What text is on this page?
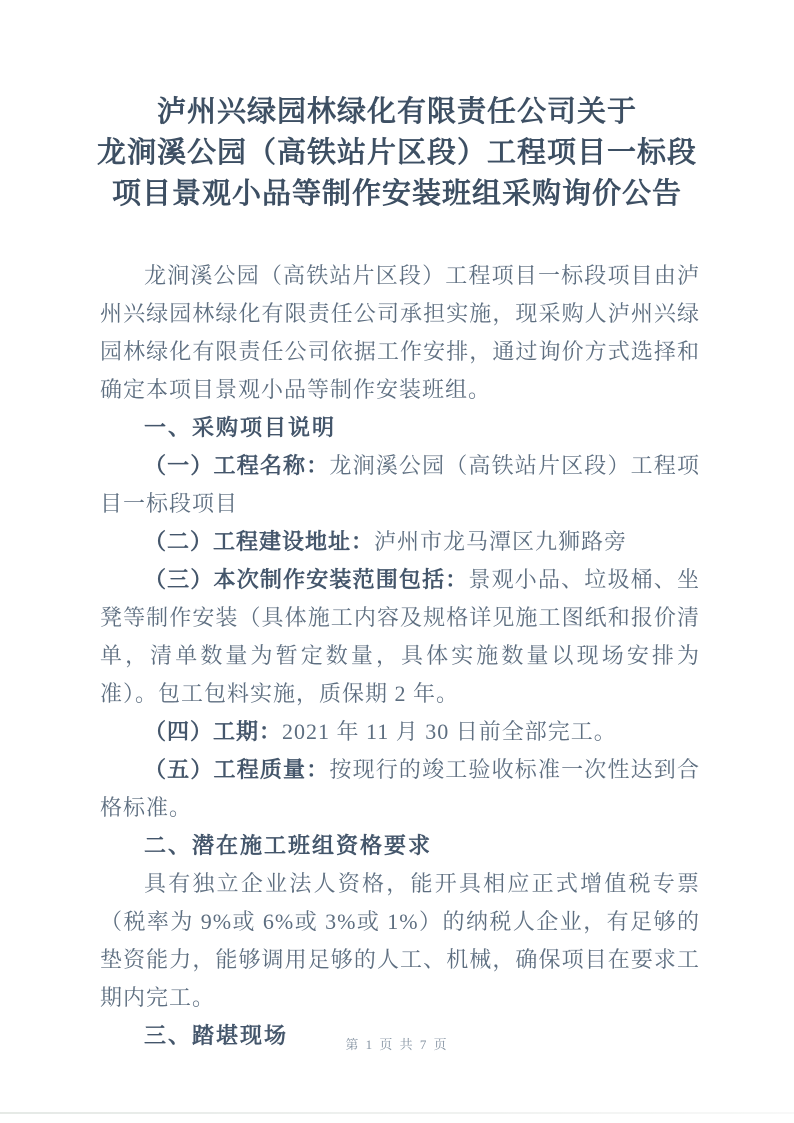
泸州兴绿园林绿化有限责任公司关于
龙涧溪公园（高铁站片区段）工程项目一标段
项目景观小品等制作安装班组采购询价公告

龙涧溪公园（高铁站片区段）工程项目一标段项目由泸州兴绿园林绿化有限责任公司承担实施，现采购人泸州兴绿园林绿化有限责任公司依据工作安排，通过询价方式选择和确定本项目景观小品等制作安装班组。

一、采购项目说明

（一）工程名称：龙涧溪公园（高铁站片区段）工程项目一标段项目

（二）工程建设地址：泸州市龙马潭区九狮路旁

（三）本次制作安装范围包括：景观小品、垃圾桶、坐凳等制作安装（具体施工内容及规格详见施工图纸和报价清单，清单数量为暂定数量，具体实施数量以现场安排为准）。包工包料实施，质保期 2 年。

（四）工期：2021 年 11 月 30 日前全部完工。

（五）工程质量：按现行的竣工验收标准一次性达到合格标准。

二、潜在施工班组资格要求

具有独立企业法人资格，能开具相应正式增值税专票（税率为 9%或 6%或 3%或 1%）的纳税人企业，有足够的垫资能力，能够调用足够的人工、机械，确保项目在要求工期内完工。

三、踏堪现场	第 1 页 共 7 页
